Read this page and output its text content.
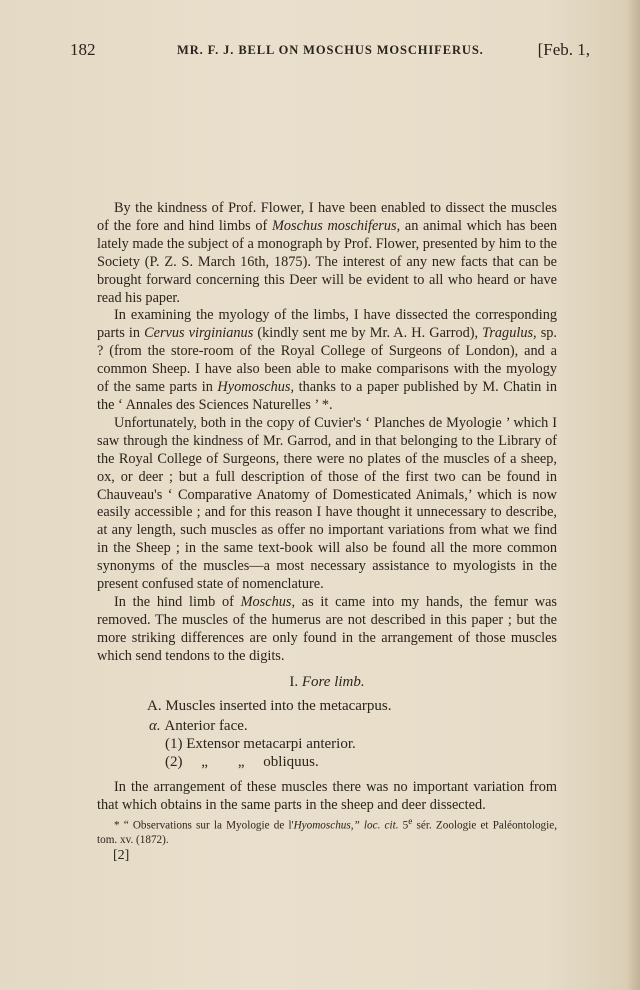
182	MR. F. J. BELL ON MOSCHUS MOSCHIFERUS.	[Feb. 1,

By the kindness of Prof. Flower, I have been enabled to dissect the muscles of the fore and hind limbs of Moschus moschiferus, an animal which has been lately made the subject of a monograph by Prof. Flower, presented by him to the Society (P. Z. S. March 16th, 1875). The interest of any new facts that can be brought forward concerning this Deer will be evident to all who heard or have read his paper.

In examining the myology of the limbs, I have dissected the corresponding parts in Cervus virginianus (kindly sent me by Mr. A. H. Garrod), Tragulus, sp. ? (from the store-room of the Royal College of Surgeons of London), and a common Sheep. I have also been able to make comparisons with the myology of the same parts in Hyomoschus, thanks to a paper published by M. Chatin in the ‘ Annales des Sciences Naturelles ’ *.

Unfortunately, both in the copy of Cuvier's ‘ Planches de Myologie ’ which I saw through the kindness of Mr. Garrod, and in that belonging to the Library of the Royal College of Surgeons, there were no plates of the muscles of a sheep, ox, or deer ; but a full description of those of the first two can be found in Chauveau's ‘ Comparative Anatomy of Domesticated Animals,’ which is now easily accessible ; and for this reason I have thought it unnecessary to describe, at any length, such muscles as offer no important variations from what we find in the Sheep ; in the same text-book will also be found all the more common synonyms of the muscles—a most necessary assistance to myologists in the present confused state of nomenclature.

In the hind limb of Moschus, as it came into my hands, the femur was removed. The muscles of the humerus are not described in this paper ; but the more striking differences are only found in the arrangement of those muscles which send tendons to the digits.

I. Fore limb.

A. Muscles inserted into the metacarpus.

α. Anterior face.

(1) Extensor metacarpi anterior.

(2)     „        „     obliquus.

In the arrangement of these muscles there was no important variation from that which obtains in the same parts in the sheep and deer dissected.

* “ Observations sur la Myologie de l'Hyomoschus,” loc. cit. 5e sér. Zoologie et Paléontologie, tom. xv. (1872).

[2]
